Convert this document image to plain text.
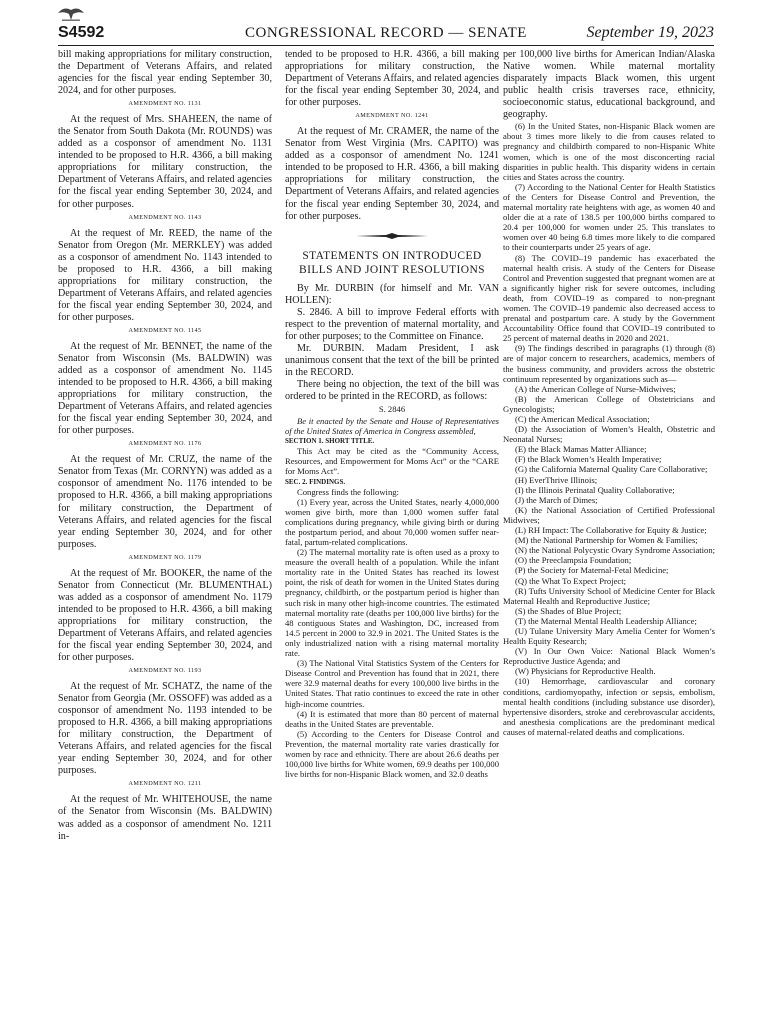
S4592	CONGRESSIONAL RECORD — SENATE	September 19, 2023

bill making appropriations for military construction, the Department of Veterans Affairs, and related agencies for the fiscal year ending September 30, 2024, and for other purposes.

AMENDMENT NO. 1131

At the request of Mrs. SHAHEEN, the name of the Senator from South Dakota (Mr. ROUNDS) was added as a cosponsor of amendment No. 1131 intended to be proposed to H.R. 4366, a bill making appropriations for military construction, the Department of Veterans Affairs, and related agencies for the fiscal year ending September 30, 2024, and for other purposes.

AMENDMENT NO. 1143

At the request of Mr. REED, the name of the Senator from Oregon (Mr. MERKLEY) was added as a cosponsor of amendment No. 1143 intended to be proposed to H.R. 4366, a bill making appropriations for military construction, the Department of Veterans Affairs, and related agencies for the fiscal year ending September 30, 2024, and for other purposes.

AMENDMENT NO. 1145

At the request of Mr. BENNET, the name of the Senator from Wisconsin (Ms. BALDWIN) was added as a cosponsor of amendment No. 1145 intended to be proposed to H.R. 4366, a bill making appropriations for military construction, the Department of Veterans Affairs, and related agencies for the fiscal year ending September 30, 2024, and for other purposes.

AMENDMENT NO. 1176

At the request of Mr. CRUZ, the name of the Senator from Texas (Mr. CORNYN) was added as a cosponsor of amendment No. 1176 intended to be proposed to H.R. 4366, a bill making appropriations for military construction, the Department of Veterans Affairs, and related agencies for the fiscal year ending September 30, 2024, and for other purposes.

AMENDMENT NO. 1179

At the request of Mr. BOOKER, the name of the Senator from Connecticut (Mr. BLUMENTHAL) was added as a cosponsor of amendment No. 1179 intended to be proposed to H.R. 4366, a bill making appropriations for military construction, the Department of Veterans Affairs, and related agencies for the fiscal year ending September 30, 2024, and for other purposes.

AMENDMENT NO. 1193

At the request of Mr. SCHATZ, the name of the Senator from Georgia (Mr. OSSOFF) was added as a cosponsor of amendment No. 1193 intended to be proposed to H.R. 4366, a bill making appropriations for military construction, the Department of Veterans Affairs, and related agencies for the fiscal year ending September 30, 2024, and for other purposes.

AMENDMENT NO. 1211

At the request of Mr. WHITEHOUSE, the name of the Senator from Wisconsin (Ms. BALDWIN) was added as a cosponsor of amendment No. 1211 in-

tended to be proposed to H.R. 4366, a bill making appropriations for military construction, the Department of Veterans Affairs, and related agencies for the fiscal year ending September 30, 2024, and for other purposes.

AMENDMENT NO. 1241

At the request of Mr. CRAMER, the name of the Senator from West Virginia (Mrs. CAPITO) was added as a cosponsor of amendment No. 1241 intended to be proposed to H.R. 4366, a bill making appropriations for military construction, the Department of Veterans Affairs, and related agencies for the fiscal year ending September 30, 2024, and for other purposes.

STATEMENTS ON INTRODUCED BILLS AND JOINT RESOLUTIONS

By Mr. DURBIN (for himself and Mr. VAN HOLLEN):

S. 2846. A bill to improve Federal efforts with respect to the prevention of maternal mortality, and for other purposes; to the Committee on Finance.

Mr. DURBIN. Madam President, I ask unanimous consent that the text of the bill be printed in the RECORD.

There being no objection, the text of the bill was ordered to be printed in the RECORD, as follows:

S. 2846

Be it enacted by the Senate and House of Representatives of the United States of America in Congress assembled,

SECTION 1. SHORT TITLE.

This Act may be cited as the “Community Access, Resources, and Empowerment for Moms Act” or the “CARE for Moms Act”.

SEC. 2. FINDINGS.

Congress finds the following:

(1) Every year, across the United States, nearly 4,000,000 women give birth, more than 1,000 women suffer fatal complications during pregnancy, while giving birth or during the postpartum period, and about 70,000 women suffer near-fatal, partum-related complications.

(2) The maternal mortality rate is often used as a proxy to measure the overall health of a population. While the infant mortality rate in the United States has reached its lowest point, the risk of death for women in the United States during pregnancy, childbirth, or the postpartum period is higher than such risk in many other high-income countries. The estimated maternal mortality rate (deaths per 100,000 live births) for the 48 contiguous States and Washington, DC, increased from 14.5 percent in 2000 to 32.9 in 2021. The United States is the only industrialized nation with a rising maternal mortality rate.

(3) The National Vital Statistics System of the Centers for Disease Control and Prevention has found that in 2021, there were 32.9 maternal deaths for every 100,000 live births in the United States. That ratio continues to exceed the rate in other high-income countries.

(4) It is estimated that more than 80 percent of maternal deaths in the United States are preventable.

(5) According to the Centers for Disease Control and Prevention, the maternal mortality rate varies drastically for women by race and ethnicity. There are about 26.6 deaths per 100,000 live births for White women, 69.9 deaths per 100,000 live births for non-Hispanic Black women, and 32.0 deaths

per 100,000 live births for American Indian/Alaska Native women. While maternal mortality disparately impacts Black women, this urgent public health crisis traverses race, ethnicity, socioeconomic status, educational background, and geography.

(6) In the United States, non-Hispanic Black women are about 3 times more likely to die from causes related to pregnancy and childbirth compared to non-Hispanic White women, which is one of the most disconcerting racial disparities in public health. This disparity widens in certain cities and States across the country.

(7) According to the National Center for Health Statistics of the Centers for Disease Control and Prevention, the maternal mortality rate heightens with age, as women 40 and older die at a rate of 138.5 per 100,000 births compared to 20.4 per 100,000 for women under 25. This translates to women over 40 being 6.8 times more likely to die compared to their counterparts under 25 years of age.

(8) The COVID–19 pandemic has exacerbated the maternal health crisis. A study of the Centers for Disease Control and Prevention suggested that pregnant women are at a significantly higher risk for severe outcomes, including death, from COVID–19 as compared to non-pregnant women. The COVID–19 pandemic also decreased access to prenatal and postpartum care. A study by the Government Accountability Office found that COVID–19 contributed to 25 percent of maternal deaths in 2020 and 2021.

(9) The findings described in paragraphs (1) through (8) are of major concern to researchers, academics, members of the business community, and providers across the obstetric continuum represented by organizations such as—

(A) the American College of Nurse-Midwives;

(B) the American College of Obstetricians and Gynecologists;

(C) the American Medical Association;

(D) the Association of Women’s Health, Obstetric and Neonatal Nurses;

(E) the Black Mamas Matter Alliance;

(F) the Black Women’s Health Imperative;

(G) the California Maternal Quality Care Collaborative;

(H) EverThrive Illinois;

(I) the Illinois Perinatal Quality Collaborative;

(J) the March of Dimes;

(K) the National Association of Certified Professional Midwives;

(L) RH Impact: The Collaborative for Equity & Justice;

(M) the National Partnership for Women & Families;

(N) the National Polycystic Ovary Syndrome Association;

(O) the Preeclampsia Foundation;

(P) the Society for Maternal-Fetal Medicine;

(Q) the What To Expect Project;

(R) Tufts University School of Medicine Center for Black Maternal Health and Reproductive Justice;

(S) the Shades of Blue Project;

(T) the Maternal Mental Health Leadership Alliance;

(U) Tulane University Mary Amelia Center for Women’s Health Equity Research;

(V) In Our Own Voice: National Black Women’s Reproductive Justice Agenda; and

(W) Physicians for Reproductive Health.

(10) Hemorrhage, cardiovascular and coronary conditions, cardiomyopathy, infection or sepsis, embolism, mental health conditions (including substance use disorder), hypertensive disorders, stroke and cerebrovascular accidents, and anesthesia complications are the predominant medical causes of maternal-related deaths and complications.
